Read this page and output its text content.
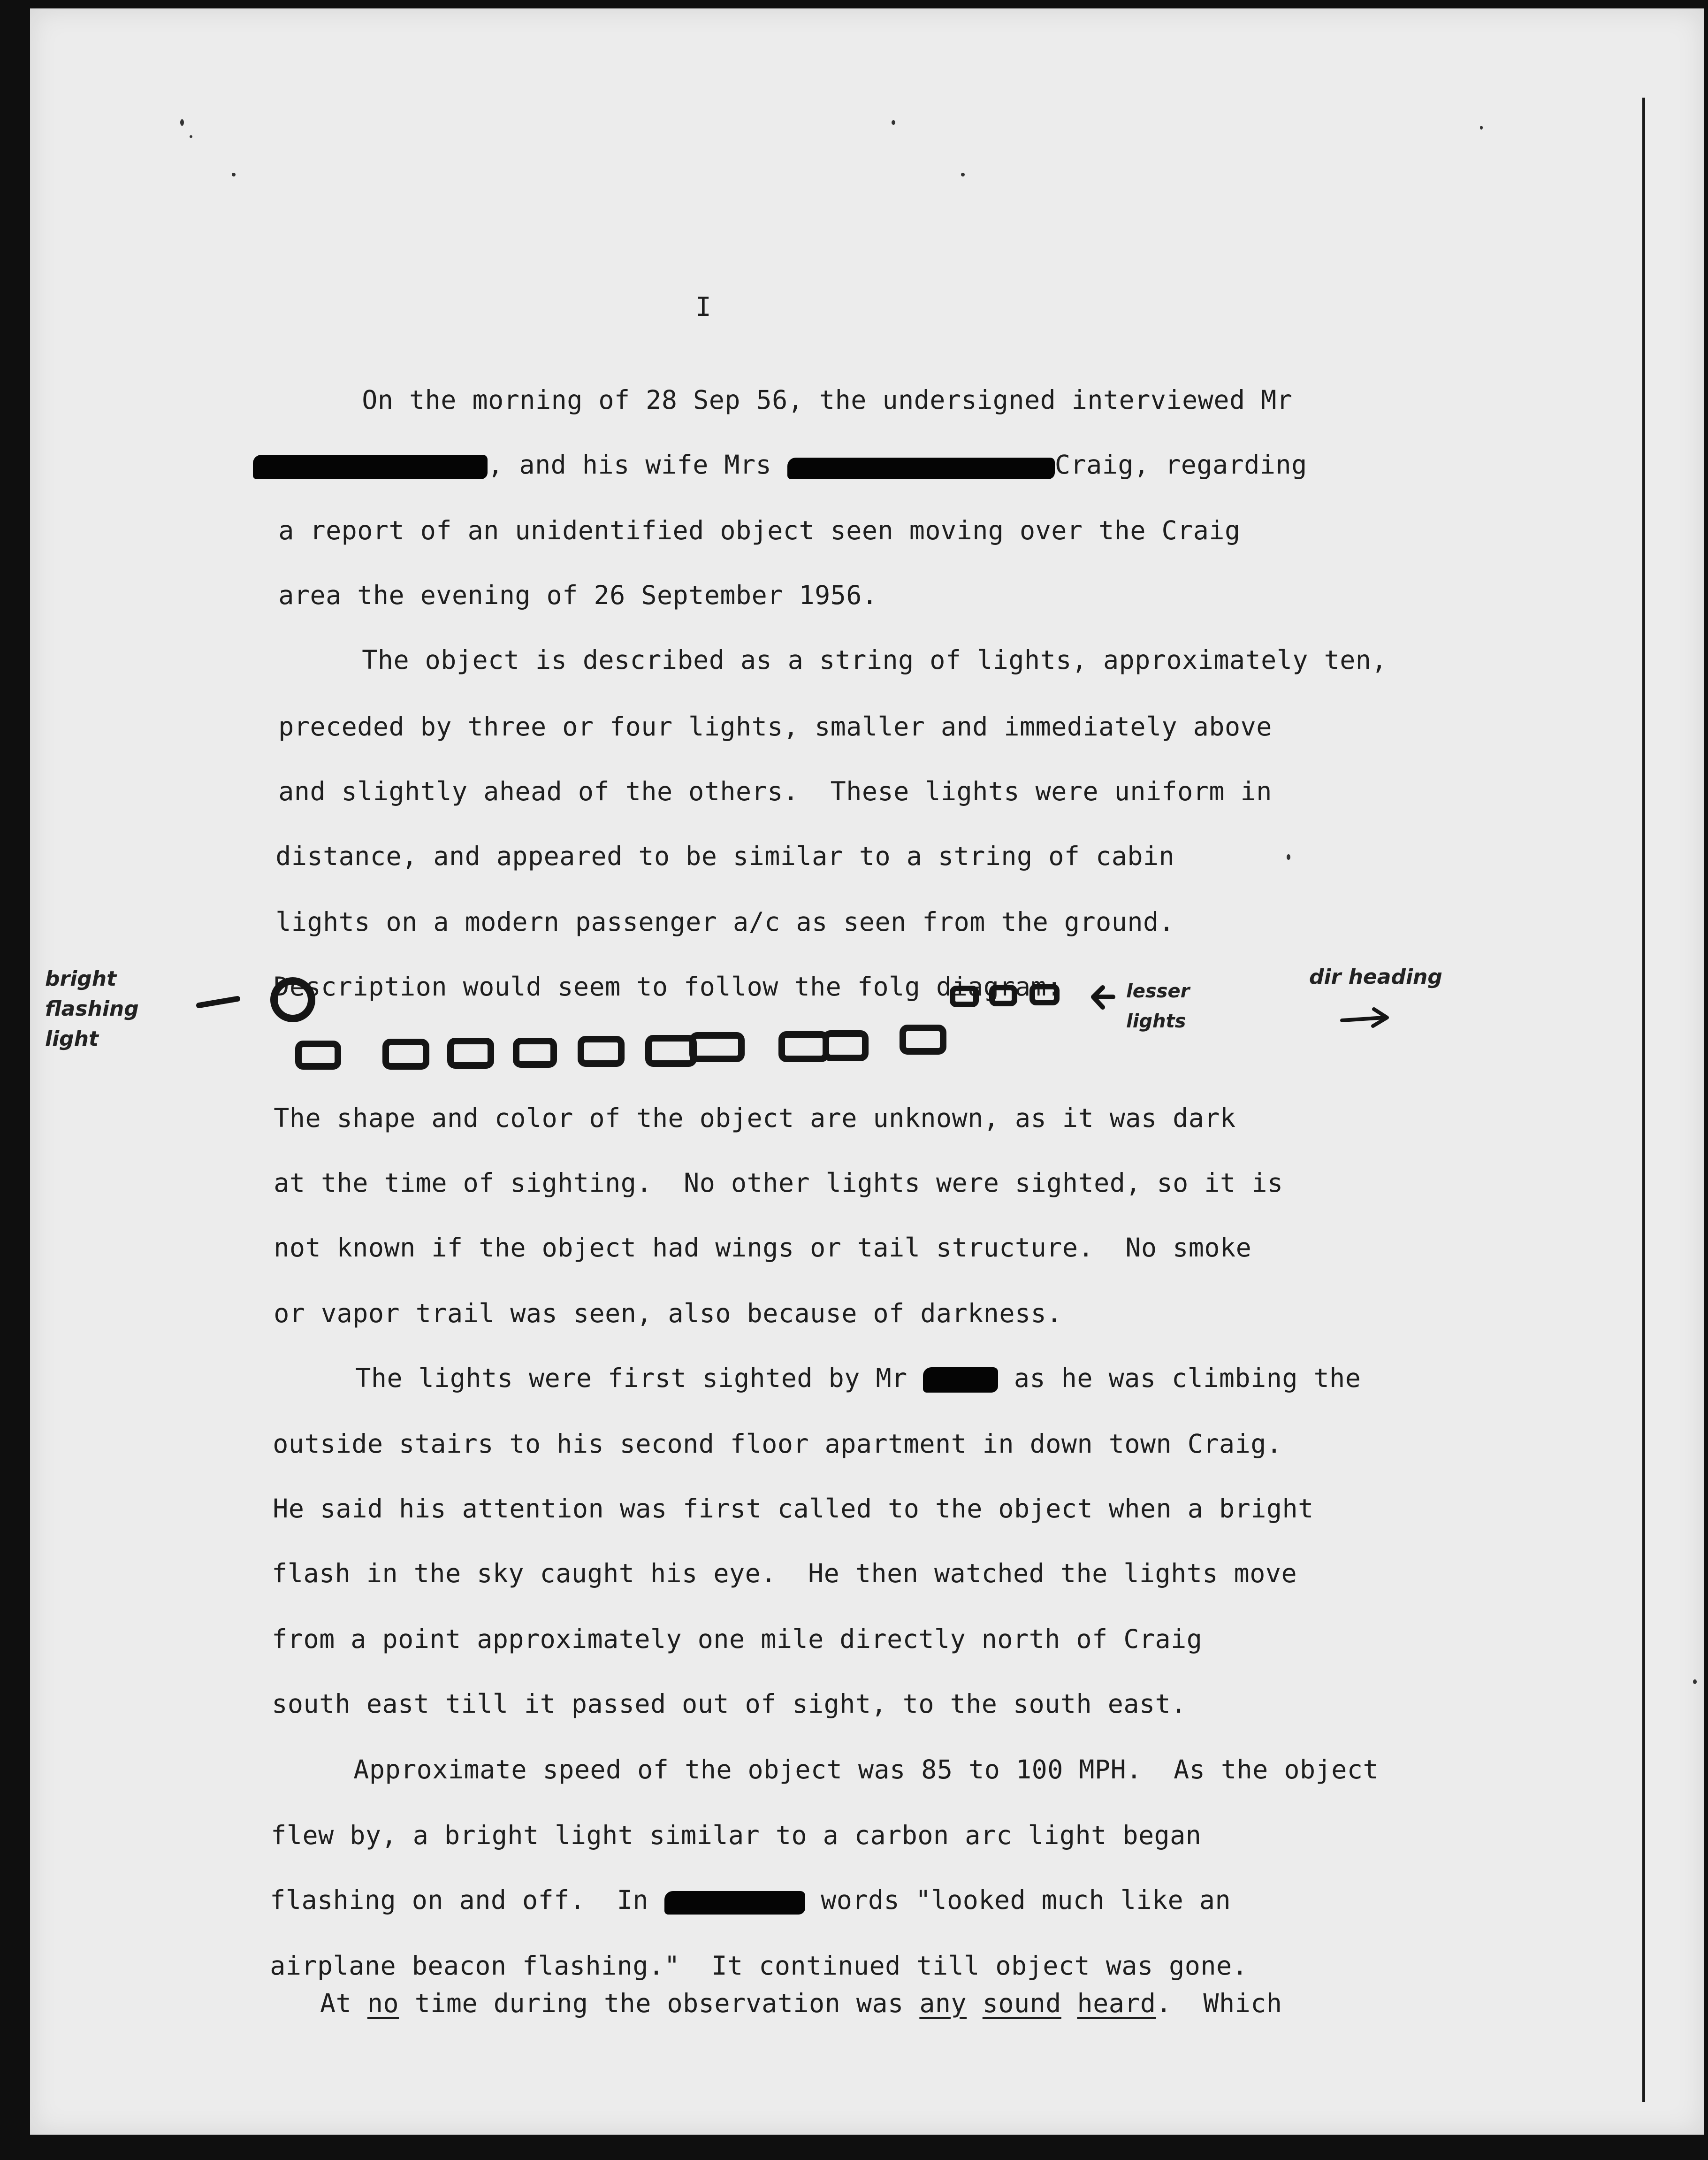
I

On the morning of 28 Sep 56, the undersigned interviewed Mr

, and his wife Mrs	Craig, regarding

a report of an unidentified object seen moving over the Craig

area the evening of 26 September 1956.

The object is described as a string of lights, approximately ten,

preceded by three or four lights, smaller and immediately above

and slightly ahead of the others.  These lights were uniform in

distance, and appeared to be similar to a string of cabin

lights on a modern passenger a/c as seen from the ground.

Description would seem to follow the folg diagram:

bright
flashing
light
lesser
lights
dir heading

The shape and color of the object are unknown, as it was dark

at the time of sighting.  No other lights were sighted, so it is

not known if the object had wings or tail structure.  No smoke

or vapor trail was seen, also because of darkness.

The lights were first sighted by Mr	as he was climbing the

outside stairs to his second floor apartment in down town Craig.

He said his attention was first called to the object when a bright

flash in the sky caught his eye.  He then watched the lights move

from a point approximately one mile directly north of Craig

south east till it passed out of sight, to the south east.

Approximate speed of the object was 85 to 100 MPH.  As the object

flew by, a bright light similar to a carbon arc light began

flashing on and off.  In	words "looked much like an

airplane beacon flashing."  It continued till object was gone.

At no time during the observation was any sound heard.  Which
